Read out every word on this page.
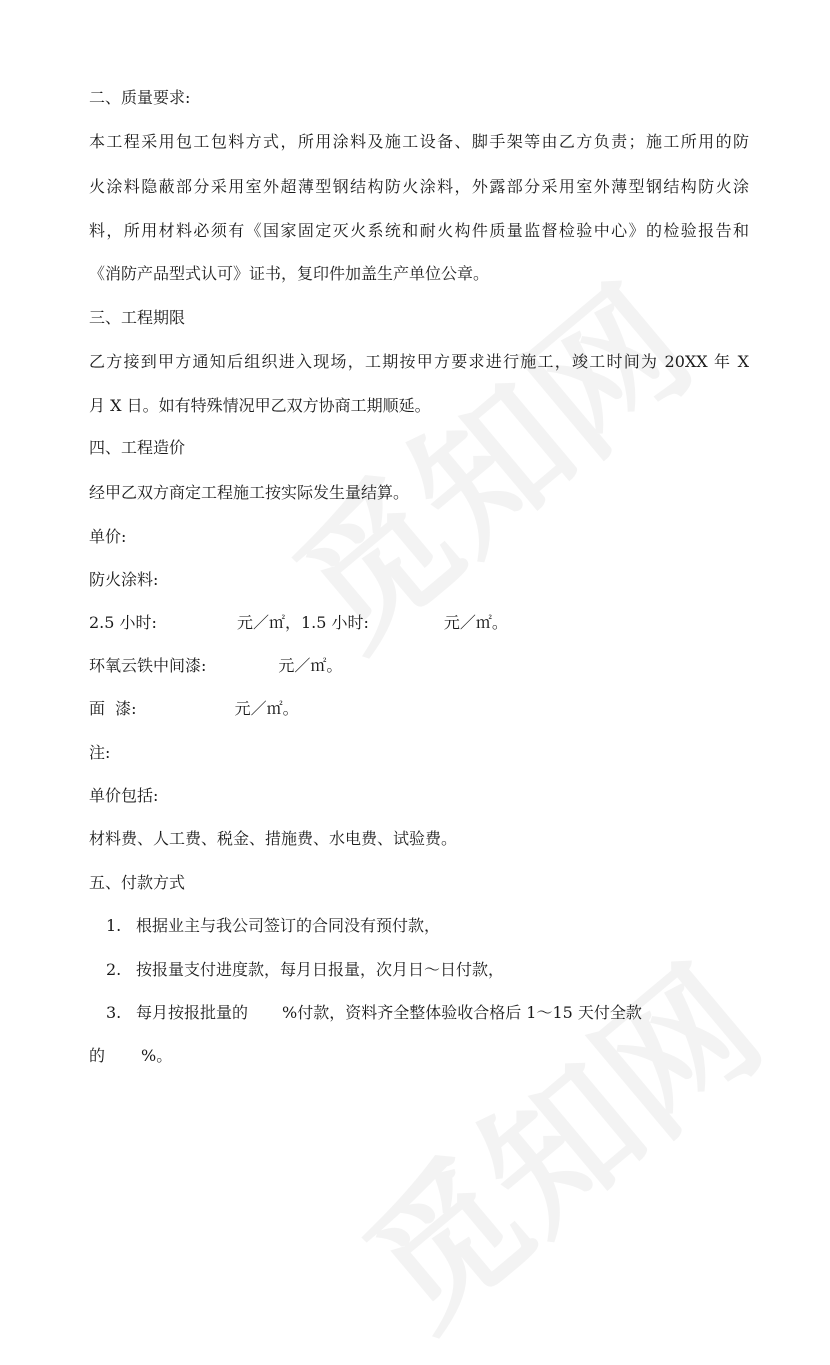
二、质量要求:
本工程采用包工包料方式，所用涂料及施工设备、脚手架等由乙方负责；施工所用的防
火涂料隐蔽部分采用室外超薄型钢结构防火涂料，外露部分采用室外薄型钢结构防火涂
料，所用材料必须有《国家固定灭火系统和耐火构件质量监督检验中心》的检验报告和
《消防产品型式认可》证书，复印件加盖生产单位公章。
三、工程期限
乙方接到甲方通知后组织进入现场，工期按甲方要求进行施工，竣工时间为 20XX 年 X
月 X 日。如有特殊情况甲乙双方协商工期顺延。
四、工程造价
经甲乙双方商定工程施工按实际发生量结算。
单价:
防火涂料:
2.5 小时:	元／㎡，1.5 小时:	元／㎡。
环氧云铁中间漆:	元／㎡。
面  漆:	元／㎡。
注:
单价包括:
材料费、人工费、税金、措施费、水电费、试验费。
五、付款方式
1. 根据业主与我公司签订的合同没有预付款，
2. 按报量支付进度款，每月日报量，次月日～日付款，
3. 每月按报批量的 %付款，资料齐全整体验收合格后 1～15 天付全款
的 %。
